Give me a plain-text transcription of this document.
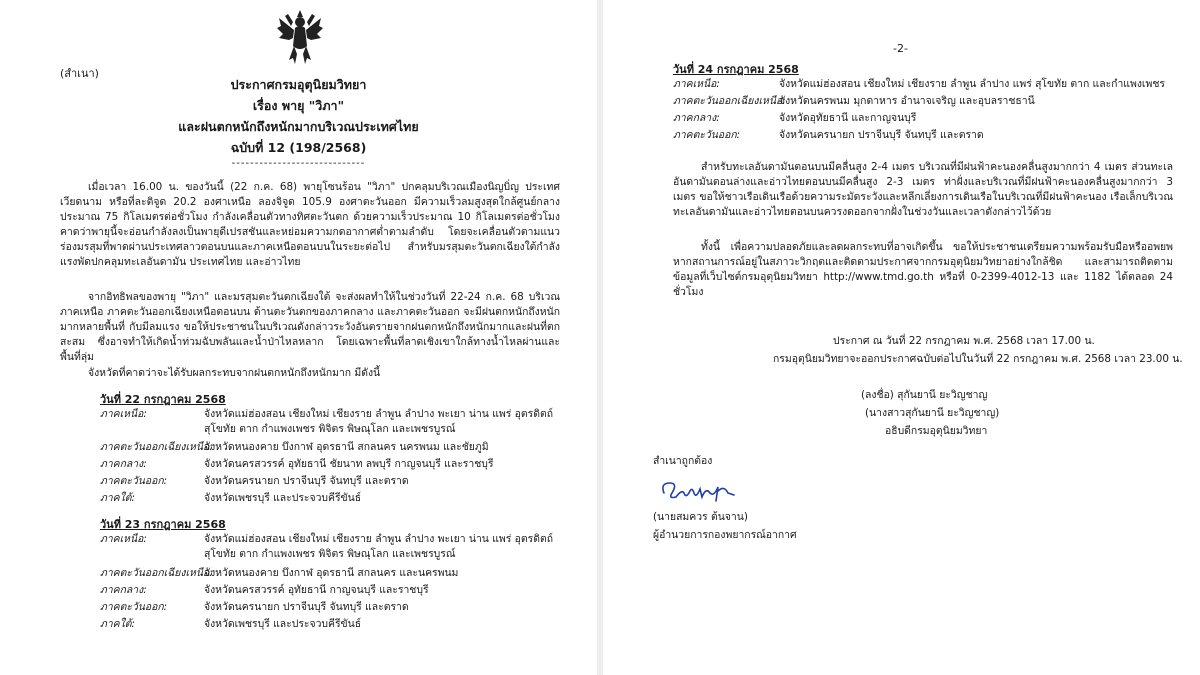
(สำเนา)
ประกาศกรมอุตุนิยมวิทยา
เรื่อง พายุ "วิภา"
และฝนตกหนักถึงหนักมากบริเวณประเทศไทย
ฉบับที่ 12 (198/2568)
-----------------------------
เมื่อเวลา 16.00 น. ของวันนี้ (22 ก.ค. 68) พายุโซนร้อน "วิภา" ปกคลุมบริเวณเมืองนิญบิ่ญ ประเทศเวียดนาม หรือที่ละติจูด 20.2 องศาเหนือ ลองจิจูด 105.9 องศาตะวันออก มีความเร็วลมสูงสุดใกล้ศูนย์กลางประมาณ 75 กิโลเมตรต่อชั่วโมง กำลังเคลื่อนตัวทางทิศตะวันตก ด้วยความเร็วประมาณ 10 กิโลเมตรต่อชั่วโมง คาดว่าพายุนี้จะอ่อนกำลังลงเป็นพายุดีเปรสชันและหย่อมความกดอากาศต่ำตามลำดับ โดยจะเคลื่อนตัวตามแนวร่องมรสุมที่พาดผ่านประเทศลาวตอนบนและภาคเหนือตอนบนในระยะต่อไป สำหรับมรสุมตะวันตกเฉียงใต้กำลังแรงพัดปกคลุมทะเลอันดามัน ประเทศไทย และอ่าวไทย
จากอิทธิพลของพายุ "วิภา" และมรสุมตะวันตกเฉียงใต้ จะส่งผลทำให้ในช่วงวันที่ 22-24 ก.ค. 68 บริเวณภาคเหนือ ภาคตะวันออกเฉียงเหนือตอนบน ด้านตะวันตกของภาคกลาง และภาคตะวันออก จะมีฝนตกหนักถึงหนักมากหลายพื้นที่ กับมีลมแรง ขอให้ประชาชนในบริเวณดังกล่าวระวังอันตรายจากฝนตกหนักถึงหนักมากและฝนที่ตกสะสม ซึ่งอาจทำให้เกิดน้ำท่วมฉับพลันและน้ำป่าไหลหลาก โดยเฉพาะพื้นที่ลาดเชิงเขาใกล้ทางน้ำไหลผ่านและพื้นที่ลุ่ม
จังหวัดที่คาดว่าจะได้รับผลกระทบจากฝนตกหนักถึงหนักมาก มีดังนี้
วันที่ 22 กรกฎาคม 2568
ภาคเหนือ:	จังหวัดแม่ฮ่องสอน เชียงใหม่ เชียงราย ลำพูน ลำปาง พะเยา น่าน แพร่ อุตรดิตถ์ สุโขทัย ตาก กำแพงเพชร พิจิตร พิษณุโลก และเพชรบูรณ์
ภาคตะวันออกเฉียงเหนือ:
จังหวัดหนองคาย บึงกาฬ อุดรธานี สกลนคร นครพนม และชัยภูมิ
ภาคกลาง:	จังหวัดนครสวรรค์ อุทัยธานี ชัยนาท ลพบุรี กาญจนบุรี และราชบุรี
ภาคตะวันออก:	จังหวัดนครนายก ปราจีนบุรี จันทบุรี และตราด
ภาคใต้:	จังหวัดเพชรบุรี และประจวบคีรีขันธ์
วันที่ 23 กรกฎาคม 2568
ภาคเหนือ:	จังหวัดแม่ฮ่องสอน เชียงใหม่ เชียงราย ลำพูน ลำปาง พะเยา น่าน แพร่ อุตรดิตถ์ สุโขทัย ตาก กำแพงเพชร พิจิตร พิษณุโลก และเพชรบูรณ์
ภาคตะวันออกเฉียงเหนือ:
จังหวัดหนองคาย บึงกาฬ อุดรธานี สกลนคร และนครพนม
ภาคกลาง:	จังหวัดนครสวรรค์ อุทัยธานี กาญจนบุรี และราชบุรี
ภาคตะวันออก:	จังหวัดนครนายก ปราจีนบุรี จันทบุรี และตราด
ภาคใต้:	จังหวัดเพชรบุรี และประจวบคีรีขันธ์
-2-
วันที่ 24 กรกฎาคม 2568
ภาคเหนือ:	จังหวัดแม่ฮ่องสอน เชียงใหม่ เชียงราย ลำพูน ลำปาง แพร่ สุโขทัย ตาก และกำแพงเพชร
ภาคตะวันออกเฉียงเหนือ:
จังหวัดนครพนม มุกดาหาร อำนาจเจริญ และอุบลราชธานี
ภาคกลาง:	จังหวัดอุทัยธานี และกาญจนบุรี
ภาคตะวันออก:	จังหวัดนครนายก ปราจีนบุรี จันทบุรี และตราด
สำหรับทะเลอันดามันตอนบนมีคลื่นสูง 2-4 เมตร บริเวณที่มีฝนฟ้าคะนองคลื่นสูงมากกว่า 4 เมตร ส่วนทะเลอันดามันตอนล่างและอ่าวไทยตอนบนมีคลื่นสูง 2-3 เมตร ท่าฝั่งและบริเวณที่มีฝนฟ้าคะนองคลื่นสูงมากกว่า 3 เมตร ขอให้ชาวเรือเดินเรือด้วยความระมัดระวังและหลีกเลี่ยงการเดินเรือในบริเวณที่มีฝนฟ้าคะนอง เรือเล็กบริเวณทะเลอันดามันและอ่าวไทยตอนบนควรงดออกจากฝั่งในช่วงวันและเวลาดังกล่าวไว้ด้วย
ทั้งนี้ เพื่อความปลอดภัยและลดผลกระทบที่อาจเกิดขึ้น ขอให้ประชาชนเตรียมความพร้อมรับมือหรืออพยพหากสถานการณ์อยู่ในสภาวะวิกฤตและติดตามประกาศจากกรมอุตุนิยมวิทยาอย่างใกล้ชิด และสามารถติดตามข้อมูลที่เว็บไซต์กรมอุตุนิยมวิทยา http://www.tmd.go.th หรือที่ 0-2399-4012-13 และ 1182 ได้ตลอด 24 ชั่วโมง
ประกาศ ณ วันที่ 22 กรกฎาคม พ.ศ. 2568 เวลา 17.00 น.
กรมอุตุนิยมวิทยาจะออกประกาศฉบับต่อไปในวันที่ 22 กรกฎาคม พ.ศ. 2568 เวลา 23.00 น.
(ลงชื่อ) สุกันยานี ยะวิญชาญ
(นางสาวสุกันยานี ยะวิญชาญ)
อธิบดีกรมอุตุนิยมวิทยา
สำเนาถูกต้อง
(นายสมควร ต้นจาน)
ผู้อำนวยการกองพยากรณ์อากาศ
